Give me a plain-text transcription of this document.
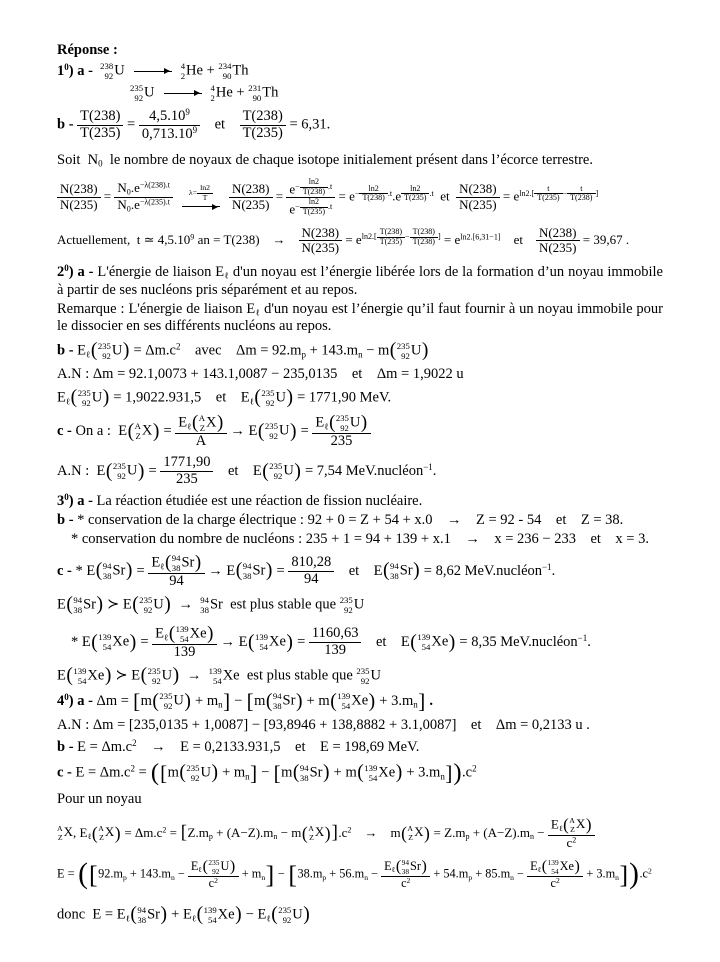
Réponse :
$1^0$) a -  238
92 U	4
2 He + 234
90 Th
235
92 U	4
2 He + 231
90 Th
$b - \frac{T(238)}{T(235)} = \frac{4,5.10^9}{0,713.10^9}$   et   $\frac{T(238)}{T(235)} = 6,31$.
Soit $N_0$ le nombre de noyaux de chaque isotope initialement présent dans l’écorce terrestre.
$\frac{N(238)}{N(235)} = \frac{N_0.e^{-\lambda(238).t}}{N_0.e^{-\lambda(235).t}} \lambda= \frac{\ln 2}{T} \frac{N(238)}{N(235)} = e^{- \frac{\ln 2}{T(238)} .t}$
$e^{- \frac{\ln 2}{T(235)} .t} = e^{- \frac{\ln 2}{T(238)} .t}.e$ $^{\frac{\ln 2}{T(235)} .t}$ et  $\frac{N(238)}{N(235)} = e^{ln2.[ \frac{t}{T(235)} - \frac{t}{T(238)} ]}$
Actuellement, t ≃ 4,5.10$^9$ an = T(238)  →   $\frac{N(238)}{N(235)} = e^{ln2.[ \frac{T(238)}{T(235)} - \frac{T(238)}{T(238)} ]} = e^{ln2.[6,31-1]}$  et   $\frac{N(238)}{N(235)} = 39,67$ .
$2^0$) a - L'énergie de liaison $E_\ell$ d'un noyau est l’énergie libérée lors de la formation d’un noyau immobile à partir de ses nucléons pris séparément et au repos.
Remarque : L'énergie de liaison $E_\ell$ d'un noyau est l’énergie qu’il faut fournir à un noyau immobile pour le dissocier en ses différents nucléons au repos.
b - $E_\ell$( 235
92 $U) = \Delta m.c^2$  avec  $\Delta m = 92.m_p + 143.m_n - m$( 235
92 U)
A.N : Δm = 92.1,0073 + 143.1,0087 − 235,0135  et  Δm = 1,9022 u
$E_\ell$( 235
92 U) = 1,9022.931,5  et  $E_\ell$( 235
92 U) = 1771,90 MeV.
c - On a : E( A
Z $X) = E_\ell$( A
Z X)
A → E( 235
92 $U) = E_\ell$( 235
92 U)
235
A.N : E( 235
92 $U) = \frac{1771,90}{235}$   et  E( 235
92 U) = 7,54 MeV.nucléon$^{-1}$.
$3^0$) a - La réaction étudiée est une réaction de fission nucléaire.
b - * conservation de la charge électrique : 92 + 0 = Z + 54 + x.0  →  Z = 92 - 54  et  Z = 38.
* conservation du nombre de nucléons : 235 + 1 = 94 + 139 + x.1  →  x = 236 − 233  et  x = 3.
c - * E( 94
38 $Sr) = E_\ell$( 94
38 Sr)
94 → E( 94
38 $Sr) = \frac{810,28}{94}$   et  E( 94
38 Sr) = 8,62 MeV.nucléon$^{-1}$.
E( 94
38 Sr) ≻ E( 235
92 U) →  94
38 Sr est plus stable que 235
92 U
* E( 139
54 $Xe) = E_\ell$( 139
54 Xe)
139 → E( 139
54 $Xe) = \frac{1160,63}{139}$   et  E( 139
54 Xe) = 8,35 MeV.nucléon$^{-1}$.
E( 139
54 Xe) ≻ E( 235
92 U) →  139
54 Xe est plus stable que 235
92 U
$4^0$) a - Δm = [m( 235
92 $U) + m_n] - [m$( 94
38 Sr) + m( 139
54 $Xe) + 3.m_n$] .
A.N : Δm = [235,0135 + 1,0087] − [93,8946 + 138,8882 + 3.1,0087]  et  Δm = 0,2133 u .
$b - E = \Delta m.c^2$  →  E = 0,2133.931,5  et  E = 198,69 MeV.
$c - E = \Delta m.c^2 = ([m$( 235
92 $U) + m_n] - [m$( 94
38 Sr) + m( 139
54 $Xe) + 3.m_n]).c^2$
Pour un noyau
A
Z X, $E_\ell$( A
Z $X) = \Delta m.c^2 = [Z.m_p + (A-Z).m_n - m$( A
Z $X)].c^2$  →  m( A
Z $X) = Z.m_p + (A-Z).m_n - E_\ell$( A
Z X)
$c^2$
$E = ([92.m_p + 143.m_n - E_\ell$( 235
92 U)
$c^2 + m_n] - [38.m_p + 56.m_n - E_\ell$( 94
38 Sr)
$c^2 + 54.m_p + 85.m_n - E_\ell$( 139
54 Xe)
$c^2 + 3.m_n]).c^2$
donc $E = E_\ell$( 94
38 $Sr) + E_\ell$( 139
54 $Xe) - E_\ell$( 235
92 U)
